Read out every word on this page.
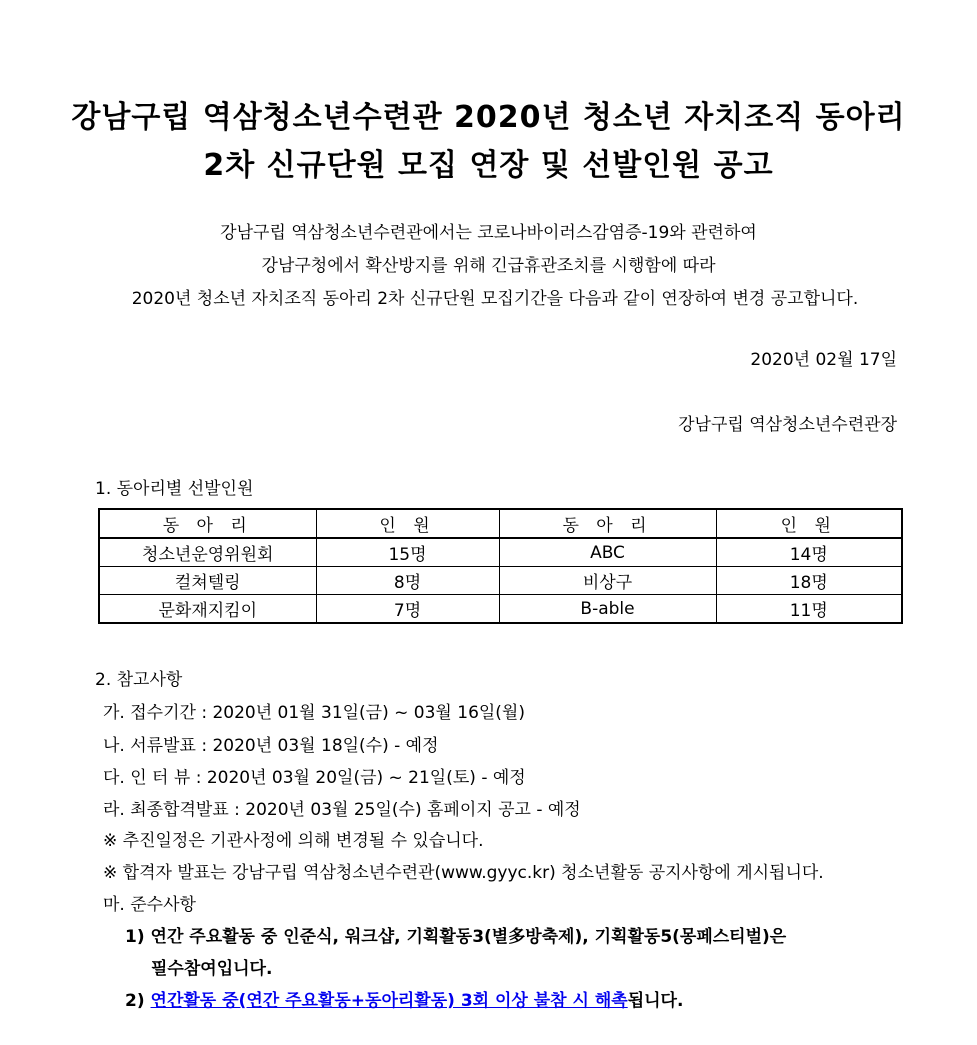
강남구립 역삼청소년수련관 2020년 청소년 자치조직 동아리
2차 신규단원 모집 연장 및 선발인원 공고
강남구립 역삼청소년수련관에서는 코로나바이러스감염증-19와 관련하여
강남구청에서 확산방지를 위해 긴급휴관조치를 시행함에 따라
2020년 청소년 자치조직 동아리 2차 신규단원 모집기간을 다음과 같이 연장하여 변경 공고합니다.
2020년 02월 17일
강남구립 역삼청소년수련관장
1. 동아리별 선발인원
동 아 리	인 원	동 아 리	인 원
청소년운영위원회	15명	ABC	14명
컬쳐텔링	8명	비상구	18명
문화재지킴이	7명	B-able	11명
2. 참고사항
가. 접수기간 : 2020년 01월 31일(금) ~ 03월 16일(월)
나. 서류발표 : 2020년 03월 18일(수) - 예정
다. 인 터 뷰 : 2020년 03월 20일(금) ~ 21일(토) - 예정
라. 최종합격발표 : 2020년 03월 25일(수) 홈페이지 공고 - 예정
※ 추진일정은 기관사정에 의해 변경될 수 있습니다.
※ 합격자 발표는 강남구립 역삼청소년수련관(www.gyyc.kr) 청소년활동 공지사항에 게시됩니다.
마. 준수사항
1) 연간 주요활동 중 인준식, 워크샵, 기획활동3(별多방축제), 기획활동5(몽페스티벌)은
필수참여입니다.
2) 연간활동 중(연간 주요활동+동아리활동) 3회 이상 불참 시 해촉됩니다.
